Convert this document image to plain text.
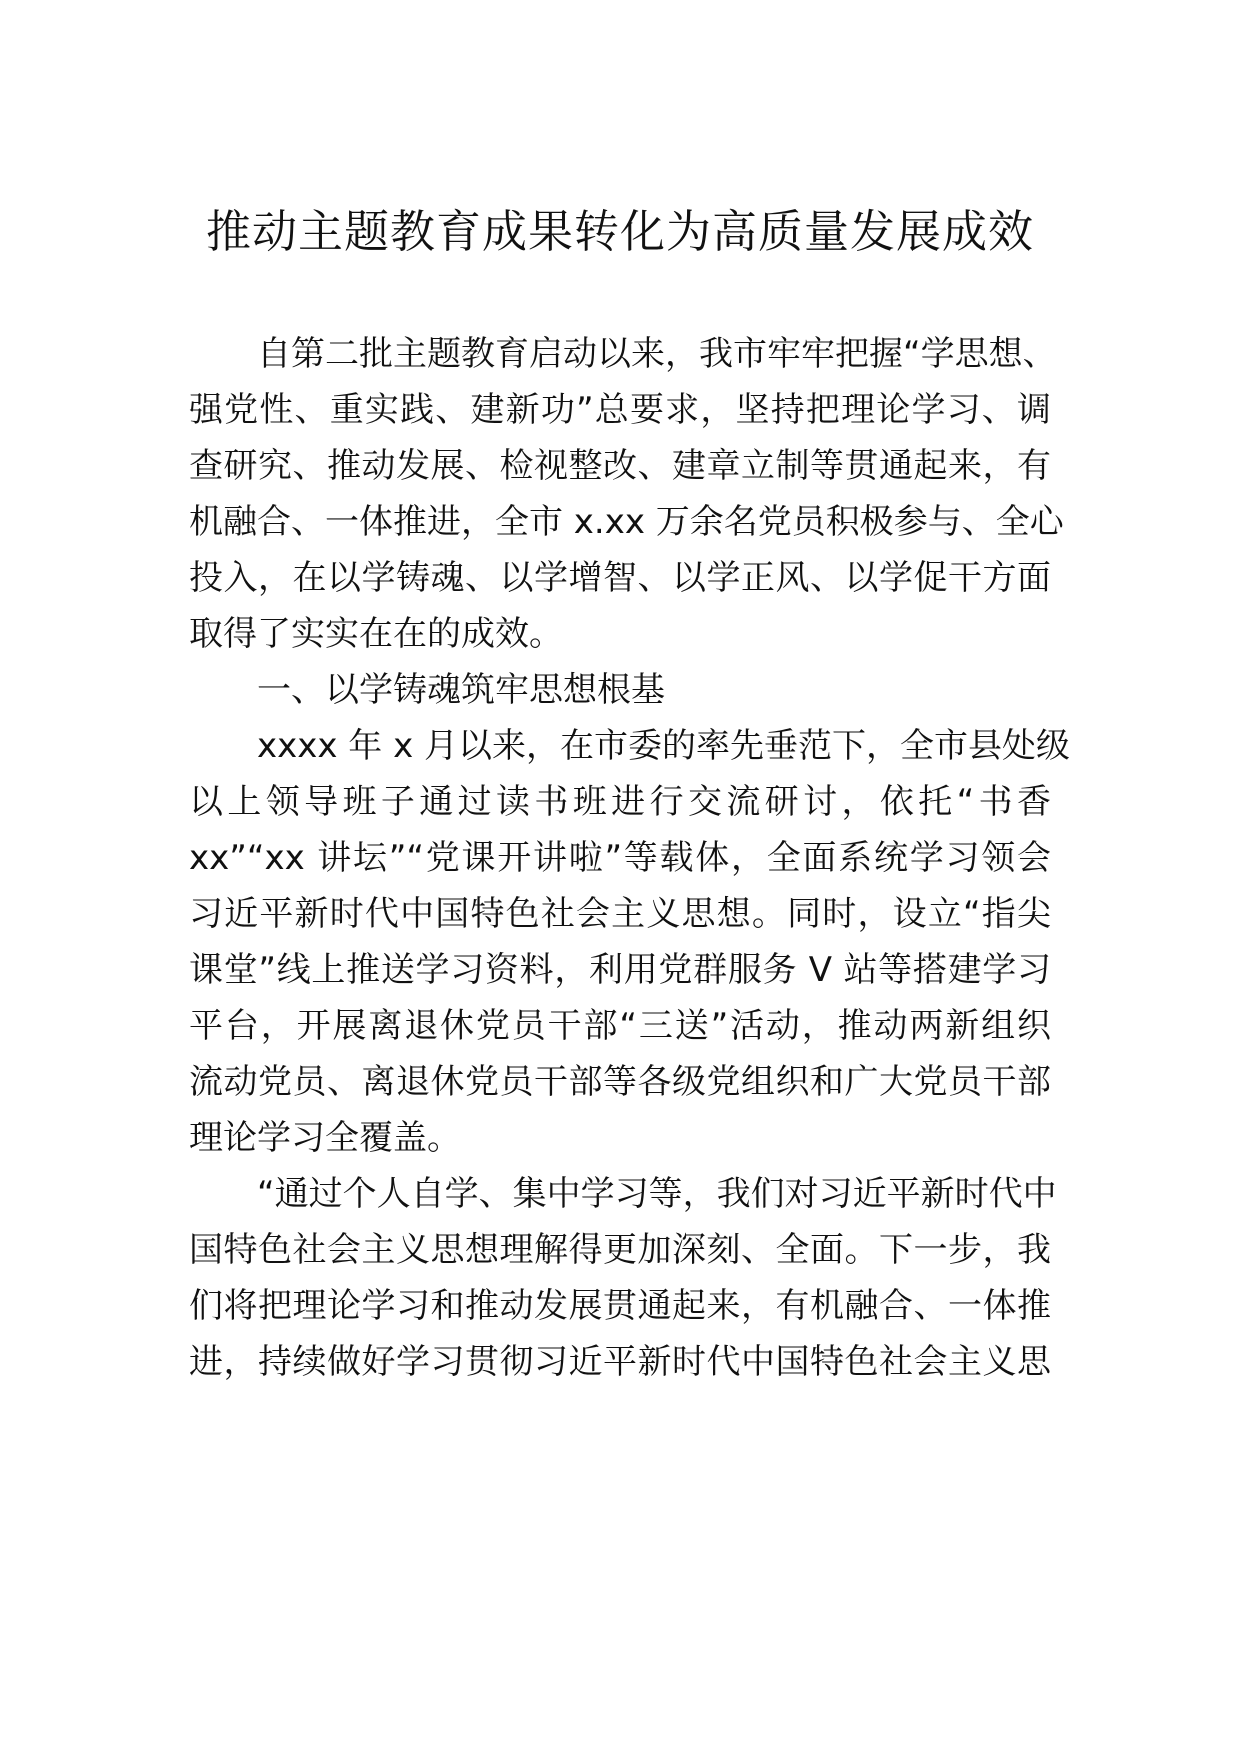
推动主题教育成果转化为高质量发展成效

自第二批主题教育启动以来，我市牢牢把握“学思想、

强党性、重实践、建新功”总要求，坚持把理论学习、调

查研究、推动发展、检视整改、建章立制等贯通起来，有

机融合、一体推进，全市 x.xx 万余名党员积极参与、全心

投入，在以学铸魂、以学增智、以学正风、以学促干方面

取得了实实在在的成效。

一、以学铸魂筑牢思想根基

xxxx 年 x 月以来，在市委的率先垂范下，全市县处级

以上领导班子通过读书班进行交流研讨，依托“书香

xx”“xx 讲坛”“党课开讲啦”等载体，全面系统学习领会

习近平新时代中国特色社会主义思想。同时，设立“指尖

课堂”线上推送学习资料，利用党群服务 V 站等搭建学习

平台，开展离退休党员干部“三送”活动，推动两新组织

流动党员、离退休党员干部等各级党组织和广大党员干部

理论学习全覆盖。

“通过个人自学、集中学习等，我们对习近平新时代中

国特色社会主义思想理解得更加深刻、全面。下一步，我

们将把理论学习和推动发展贯通起来，有机融合、一体推

进，持续做好学习贯彻习近平新时代中国特色社会主义思
